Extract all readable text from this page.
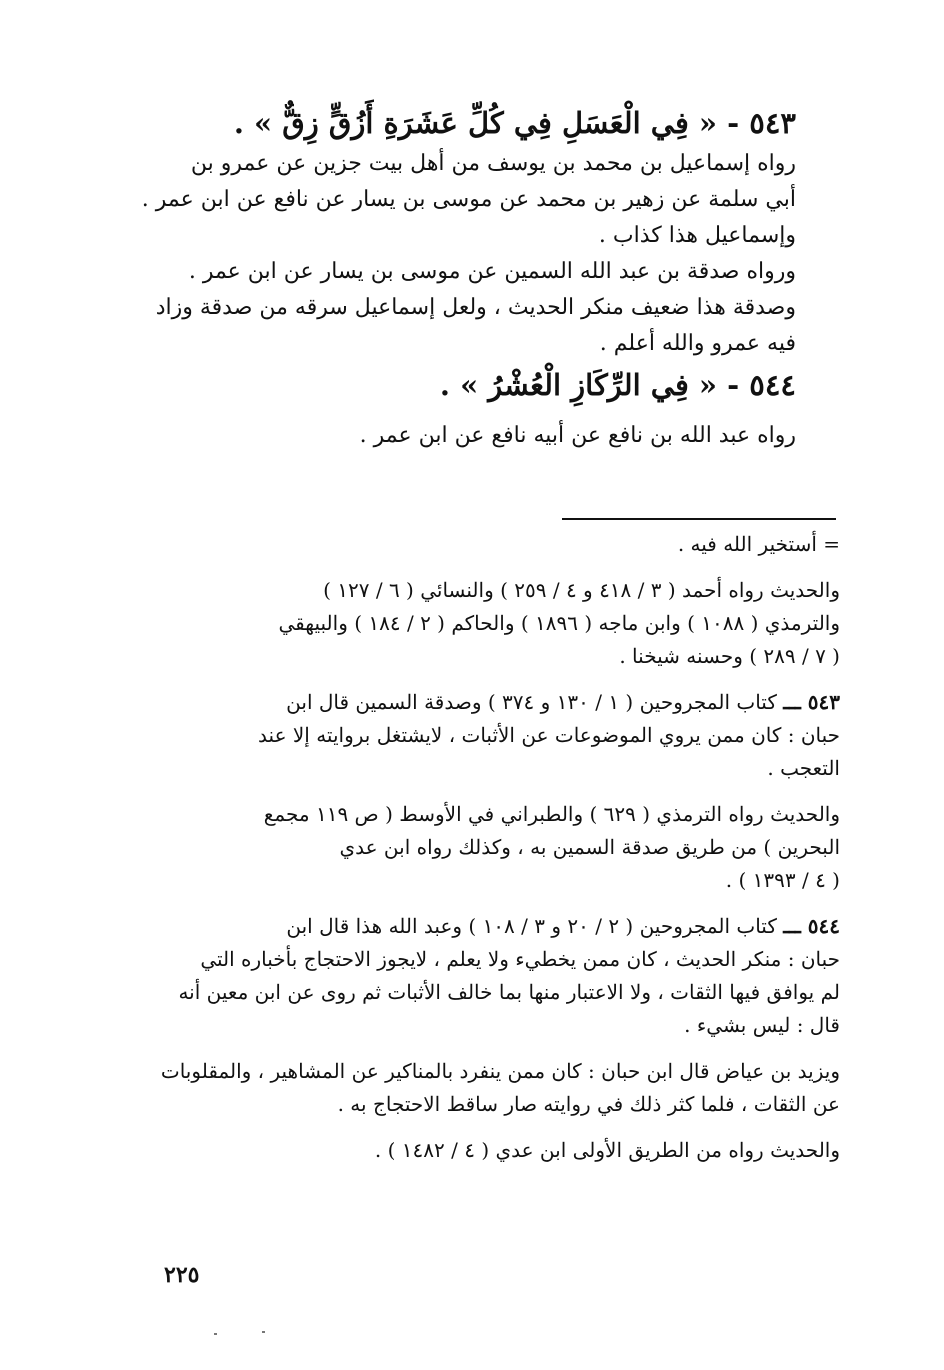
٥٤٣ - « فِي الْعَسَلِ فِي كُلِّ عَشَرَةِ أَزُقٍّ زِقٌّ » .

رواه إسماعيل بن محمد بن يوسف من أهل بيت جزين عن عمرو بن

أبي سلمة عن زهير بن محمد عن موسى بن يسار عن نافع عن ابن عمر .

وإسماعيل هذا كذاب .

ورواه صدقة بن عبد الله السمين عن موسى بن يسار عن ابن عمر .

وصدقة هذا ضعيف منكر الحديث ، ولعل إسماعيل سرقه من صدقة وزاد

فيه عمرو والله أعلم .

٥٤٤ - « فِي الرِّكَازِ الْعُشْرُ » .

رواه عبد الله بن نافع عن أبيه نافع عن ابن عمر .

= أستخير الله فيه .

والحديث رواه أحمد ( ٣ / ٤١٨ و ٤ / ٢٥٩ ) والنسائي ( ٦ / ١٢٧ )

والترمذي ( ١٠٨٨ ) وابن ماجه ( ١٨٩٦ ) والحاكم ( ٢ / ١٨٤ ) والبيهقي

( ٧ / ٢٨٩ ) وحسنه شيخنا .

٥٤٣ ـــ كتاب المجروحين ( ١ / ١٣٠ و ٣٧٤ ) وصدقة السمين قال ابن

حبان : كان ممن يروي الموضوعات عن الأثبات ، لايشتغل بروايته إلا عند

التعجب .

والحديث رواه الترمذي ( ٦٢٩ ) والطبراني في الأوسط ( ص ١١٩ مجمع

البحرين ) من طريق صدقة السمين به ، وكذلك رواه ابن عدي

( ٤ / ١٣٩٣ ) .

٥٤٤ ـــ كتاب المجروحين ( ٢ / ٢٠ و ٣ / ١٠٨ ) وعبد الله هذا قال ابن

حبان : منكر الحديث ، كان ممن يخطيء ولا يعلم ، لايجوز الاحتجاج بأخباره التي

لم يوافق فيها الثقات ، ولا الاعتبار منها بما خالف الأثبات ثم روى عن ابن معين أنه

قال : ليس بشيء .

ويزيد بن عياض قال ابن حبان : كان ممن ينفرد بالمناكير عن المشاهير ، والمقلوبات

عن الثقات ، فلما كثر ذلك في روايته صار ساقط الاحتجاج به .

والحديث رواه من الطريق الأولى ابن عدي ( ٤ / ١٤٨٢ ) .

٢٢٥
